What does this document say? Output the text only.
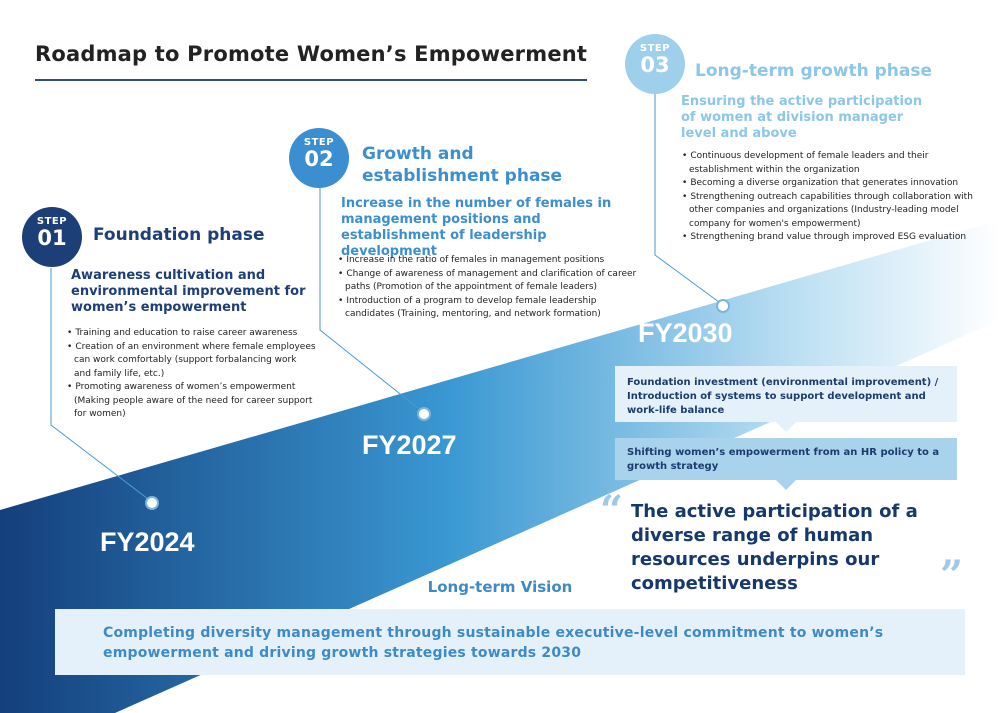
Roadmap to Promote Women’s Empowerment
STEP
01	Foundation phase
Awareness cultivation and environmental improvement for women’s empowerment
• Training and education to raise career awareness
• Creation of an environment where female employees can work comfortably (support forbalancing work and family life, etc.)
• Promoting awareness of women’s empowerment (Making people aware of the need for career support for women)
FY2024
STEP
02	Growth and establishment phase
Increase in the number of females in management positions and establishment of leadership development
• Increase in the ratio of females in management positions
• Change of awareness of management and clarification of career paths (Promotion of the appointment of female leaders)
• Introduction of a program to develop female leadership candidates (Training, mentoring, and network formation)
FY2027
STEP
03	Long-term growth phase
Ensuring the active participation of women at division manager level and above
• Continuous development of female leaders and their establishment within the organization
• Becoming a diverse organization that generates innovation
• Strengthening outreach capabilities through collaboration with other companies and organizations (Industry-leading model company for women's empowerment)
• Strengthening brand value through improved ESG evaluation
FY2030
Foundation investment (environmental improvement) / Introduction of systems to support development and work-life balance
Shifting women’s empowerment from an HR policy to a growth strategy
“ The active participation of a diverse range of human resources underpins our competitiveness	”
Long-term Vision
Completing diversity management through sustainable executive-level commitment to women’s empowerment and driving growth strategies towards 2030
